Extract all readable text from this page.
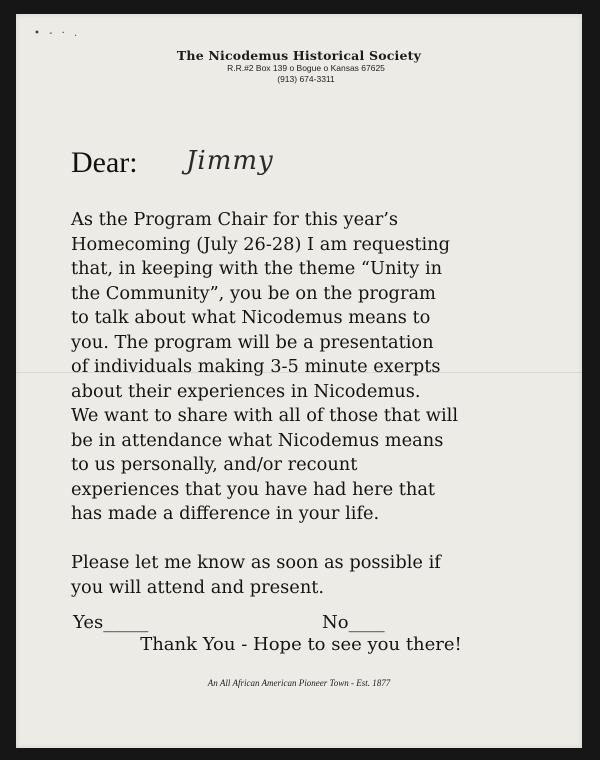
• - · .
The Nicodemus Historical Society
R.R.#2 Box 139 o Bogue o Kansas 67625
(913) 674-3311
Dear: Jimmy
As the Program Chair for this year’s
Homecoming (July 26-28) I am requesting
that, in keeping with the theme “Unity in
the Community”, you be on the program
to talk about what Nicodemus means to
you. The program will be a presentation
of individuals making 3-5 minute exerpts
about their experiences in Nicodemus.
We want to share with all of those that will
be in attendance what Nicodemus means
to us personally, and/or recount
experiences that you have had here that
has made a difference in your life.

Please let me know as soon as possible if
you will attend and present.
Yes_____	No____
Thank You - Hope to see you there!
An All African American Pioneer Town - Est. 1877
